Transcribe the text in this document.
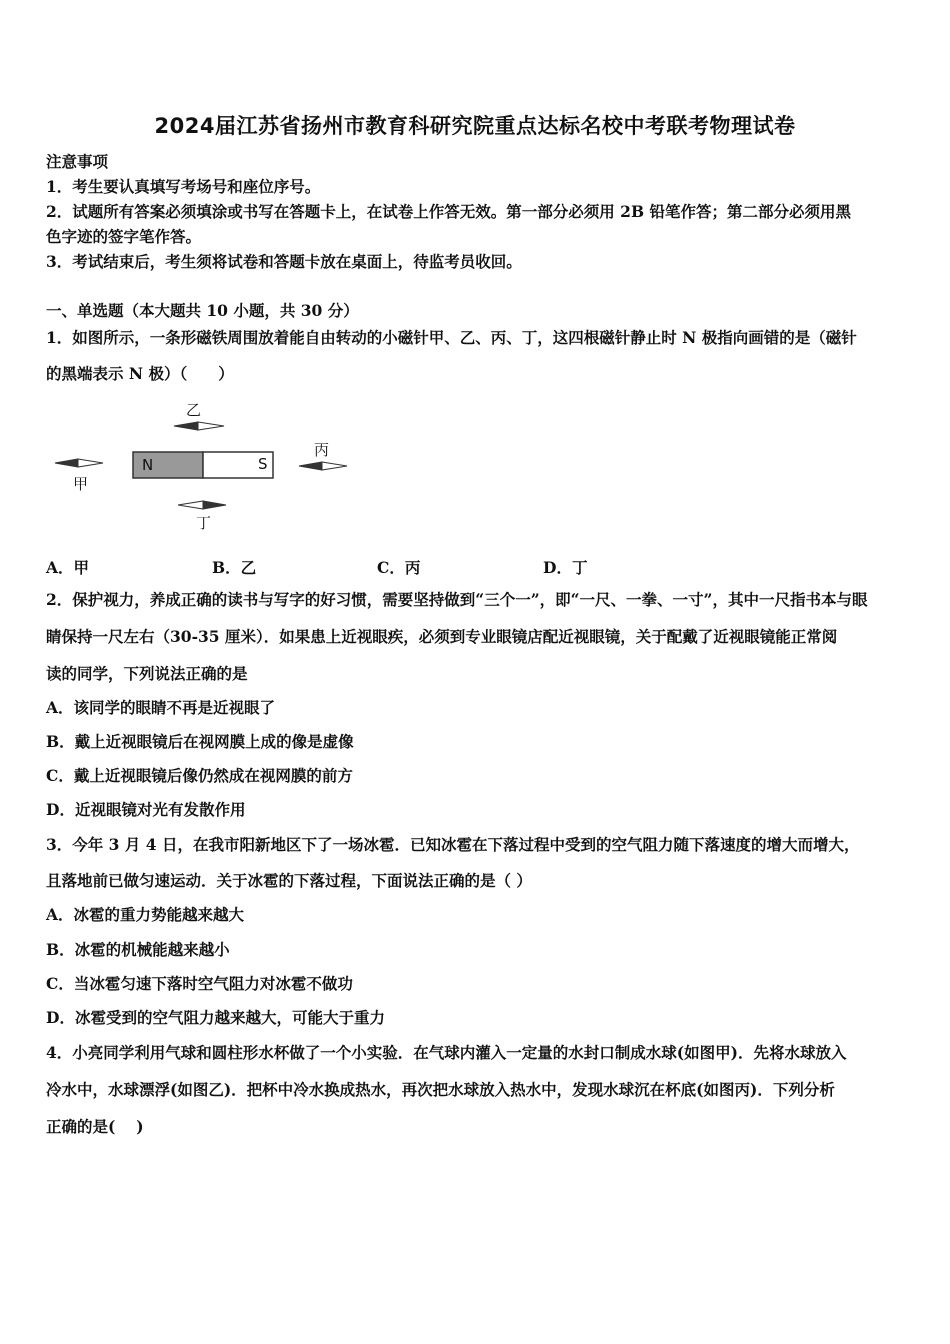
2024届江苏省扬州市教育科研究院重点达标名校中考联考物理试卷
注意事项
1．考生要认真填写考场号和座位序号。
2．试题所有答案必须填涂或书写在答题卡上，在试卷上作答无效。第一部分必须用 2B 铅笔作答；第二部分必须用黑
色字迹的签字笔作答。
3．考试结束后，考生须将试卷和答题卡放在桌面上，待监考员收回。
一、单选题（本大题共 10 小题，共 30 分）
1．如图所示，一条形磁铁周围放着能自由转动的小磁针甲、乙、丙、丁，这四根磁针静止时 N 极指向画错的是（磁针
的黑端表示 N 极）（　　）
N	S
甲
乙
丙
丁
A．甲	B．乙	C．丙	D．丁
2．保护视力，养成正确的读书与写字的好习惯，需要坚持做到“三个一”，即“一尺、一拳、一寸”，其中一尺指书本与眼
睛保持一尺左右（30-35 厘米）．如果患上近视眼疾，必须到专业眼镜店配近视眼镜，关于配戴了近视眼镜能正常阅
读的同学，下列说法正确的是
A．该同学的眼睛不再是近视眼了
B．戴上近视眼镜后在视网膜上成的像是虚像
C．戴上近视眼镜后像仍然成在视网膜的前方
D．近视眼镜对光有发散作用
3．今年 3 月 4 日，在我市阳新地区下了一场冰雹．已知冰雹在下落过程中受到的空气阻力随下落速度的增大而增大，
且落地前已做匀速运动．关于冰雹的下落过程，下面说法正确的是（ ）
A．冰雹的重力势能越来越大
B．冰雹的机械能越来越小
C．当冰雹匀速下落时空气阻力对冰雹不做功
D．冰雹受到的空气阻力越来越大，可能大于重力
4．小亮同学利用气球和圆柱形水杯做了一个小实验．在气球内灌入一定量的水封口制成水球(如图甲)．先将水球放入
冷水中，水球漂浮(如图乙)．把杯中冷水换成热水，再次把水球放入热水中，发现水球沉在杯底(如图丙)．下列分析
正确的是(　 )
